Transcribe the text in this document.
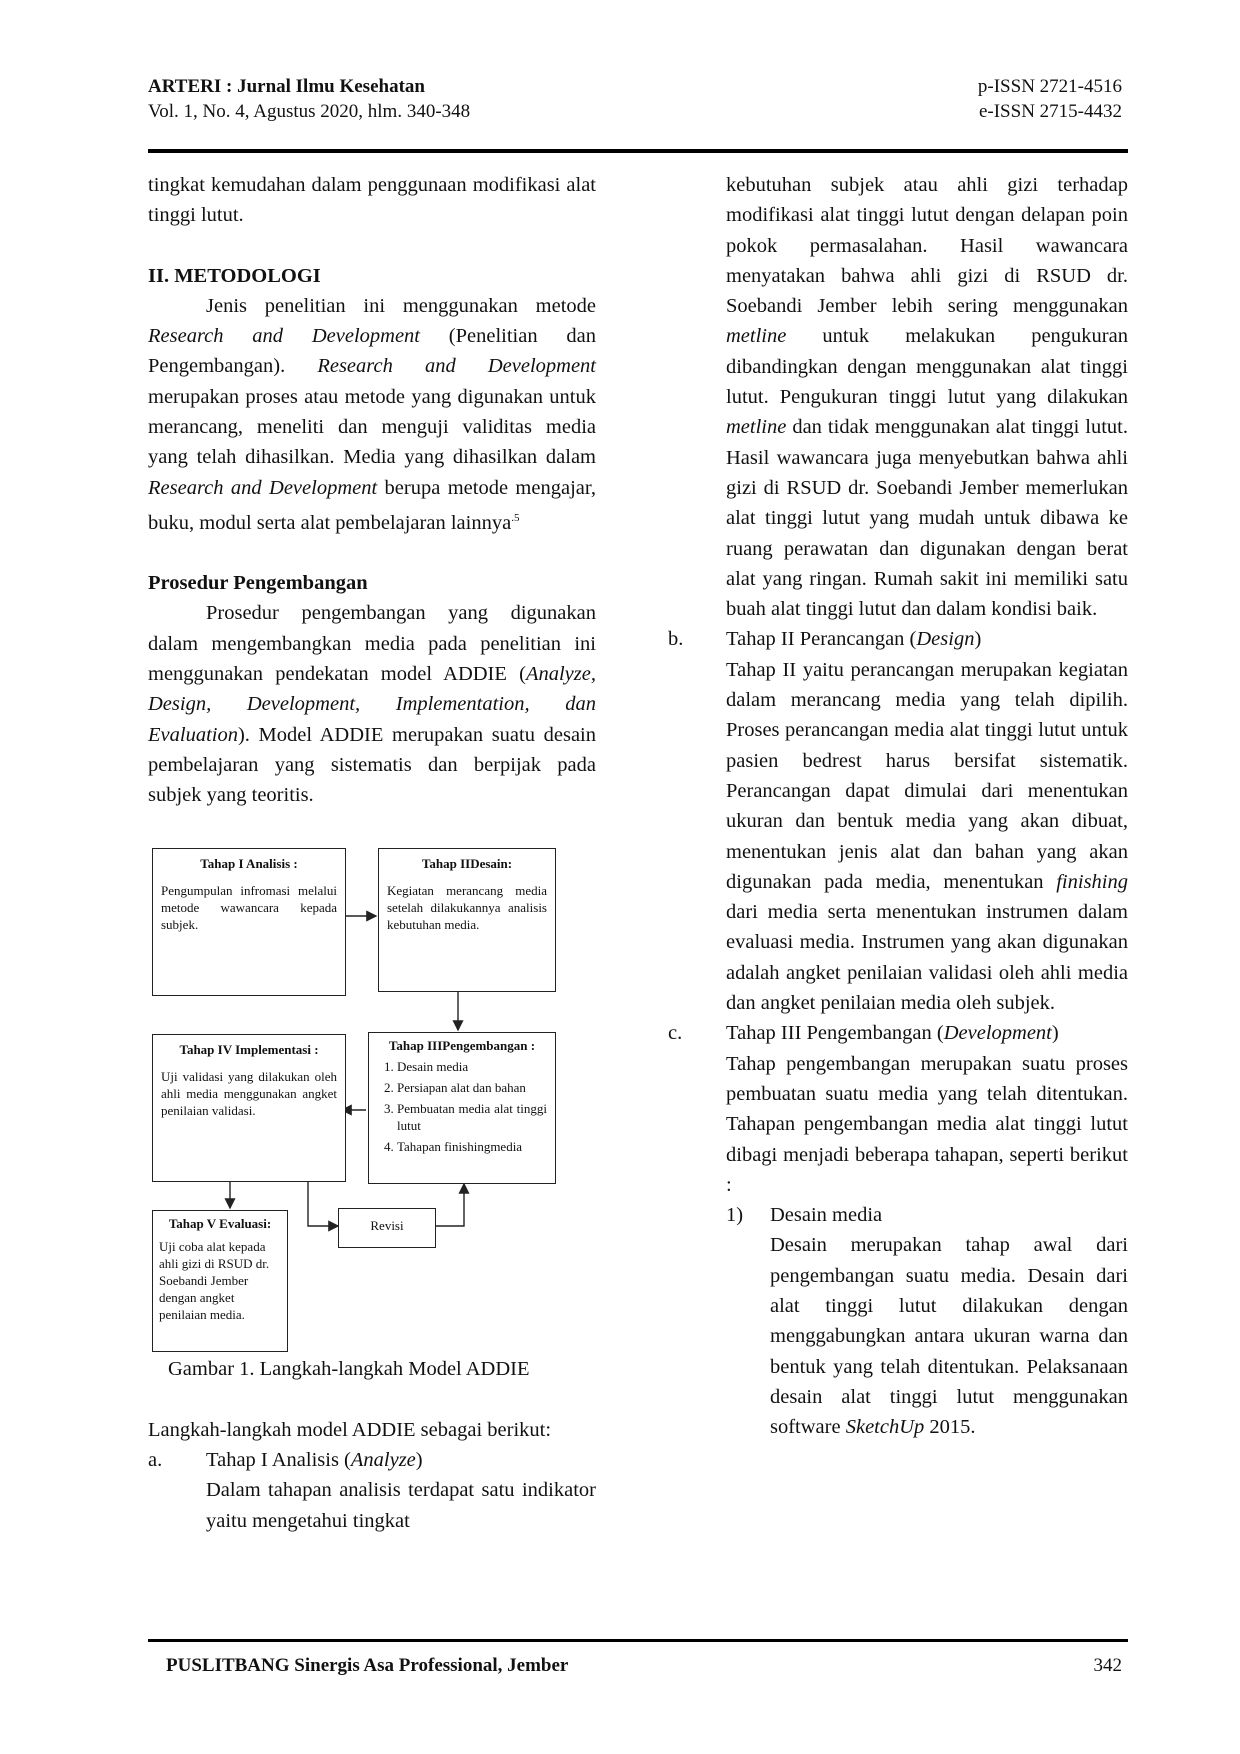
ARTERI : Jurnal Ilmu Kesehatan
Vol. 1, No. 4, Agustus 2020, hlm. 340-348
p-ISSN 2721-4516
e-ISSN 2715-4432

tingkat kemudahan dalam penggunaan modifikasi alat tinggi lutut.

II. METODOLOGI

Jenis penelitian ini menggunakan metode Research and Development (Penelitian dan Pengembangan). Research and Development merupakan proses atau metode yang digunakan untuk merancang, meneliti dan menguji validitas media yang telah dihasilkan. Media yang dihasilkan dalam Research and Development berupa metode mengajar, buku, modul serta alat pembelajaran lainnya$^{.5}$

Prosedur Pengembangan

Prosedur pengembangan yang digunakan dalam mengembangkan media pada penelitian ini menggunakan pendekatan model ADDIE (Analyze, Design, Development, Implementation, dan Evaluation). Model ADDIE merupakan suatu desain pembelajaran yang sistematis dan berpijak pada subjek yang teoritis.

Tahap I Analisis :
Pengumpulan infromasi melalui metode wawancara kepada subjek.
Tahap IIDesain:
Kegiatan merancang media setelah dilakukannya analisis kebutuhan media.
Tahap IV Implementasi :
Uji validasi yang dilakukan oleh ahli media menggunakan angket penilaian validasi.
Tahap IIIPengembangan :
1. Desain media
2. Persiapan alat dan bahan
3. Pembuatan media alat tinggi lutut
4. Tahapan finishingmedia
Tahap V Evaluasi:
Uji coba alat kepada ahli gizi di RSUD dr. Soebandi Jember dengan angket penilaian media.
Revisi

Gambar 1. Langkah-langkah Model ADDIE

Langkah-langkah model ADDIE sebagai berikut:

a. Tahap I Analisis (Analyze)

Dalam tahapan analisis terdapat satu indikator yaitu mengetahui tingkat

kebutuhan subjek atau ahli gizi terhadap modifikasi alat tinggi lutut dengan delapan poin pokok permasalahan. Hasil wawancara menyatakan bahwa ahli gizi di RSUD dr. Soebandi Jember lebih sering menggunakan metline untuk melakukan pengukuran dibandingkan dengan menggunakan alat tinggi lutut. Pengukuran tinggi lutut yang dilakukan metline dan tidak menggunakan alat tinggi lutut. Hasil wawancara juga menyebutkan bahwa ahli gizi di RSUD dr. Soebandi Jember memerlukan alat tinggi lutut yang mudah untuk dibawa ke ruang perawatan dan digunakan dengan berat alat yang ringan. Rumah sakit ini memiliki satu buah alat tinggi lutut dan dalam kondisi baik.

b. Tahap II Perancangan (Design)

Tahap II yaitu perancangan merupakan kegiatan dalam merancang media yang telah dipilih. Proses perancangan media alat tinggi lutut untuk pasien bedrest harus bersifat sistematik. Perancangan dapat dimulai dari menentukan ukuran dan bentuk media yang akan dibuat, menentukan jenis alat dan bahan yang akan digunakan pada media, menentukan finishing dari media serta menentukan instrumen dalam evaluasi media. Instrumen yang akan digunakan adalah angket penilaian validasi oleh ahli media dan angket penilaian media oleh subjek.

c. Tahap III Pengembangan (Development)

Tahap pengembangan merupakan suatu proses pembuatan suatu media yang telah ditentukan. Tahapan pengembangan media alat tinggi lutut dibagi menjadi beberapa tahapan, seperti berikut :

1) Desain media

Desain merupakan tahap awal dari pengembangan suatu media. Desain dari alat tinggi lutut dilakukan dengan menggabungkan antara ukuran warna dan bentuk yang telah ditentukan. Pelaksanaan desain alat tinggi lutut menggunakan software SketchUp 2015.

PUSLITBANG Sinergis Asa Professional, Jember	342
